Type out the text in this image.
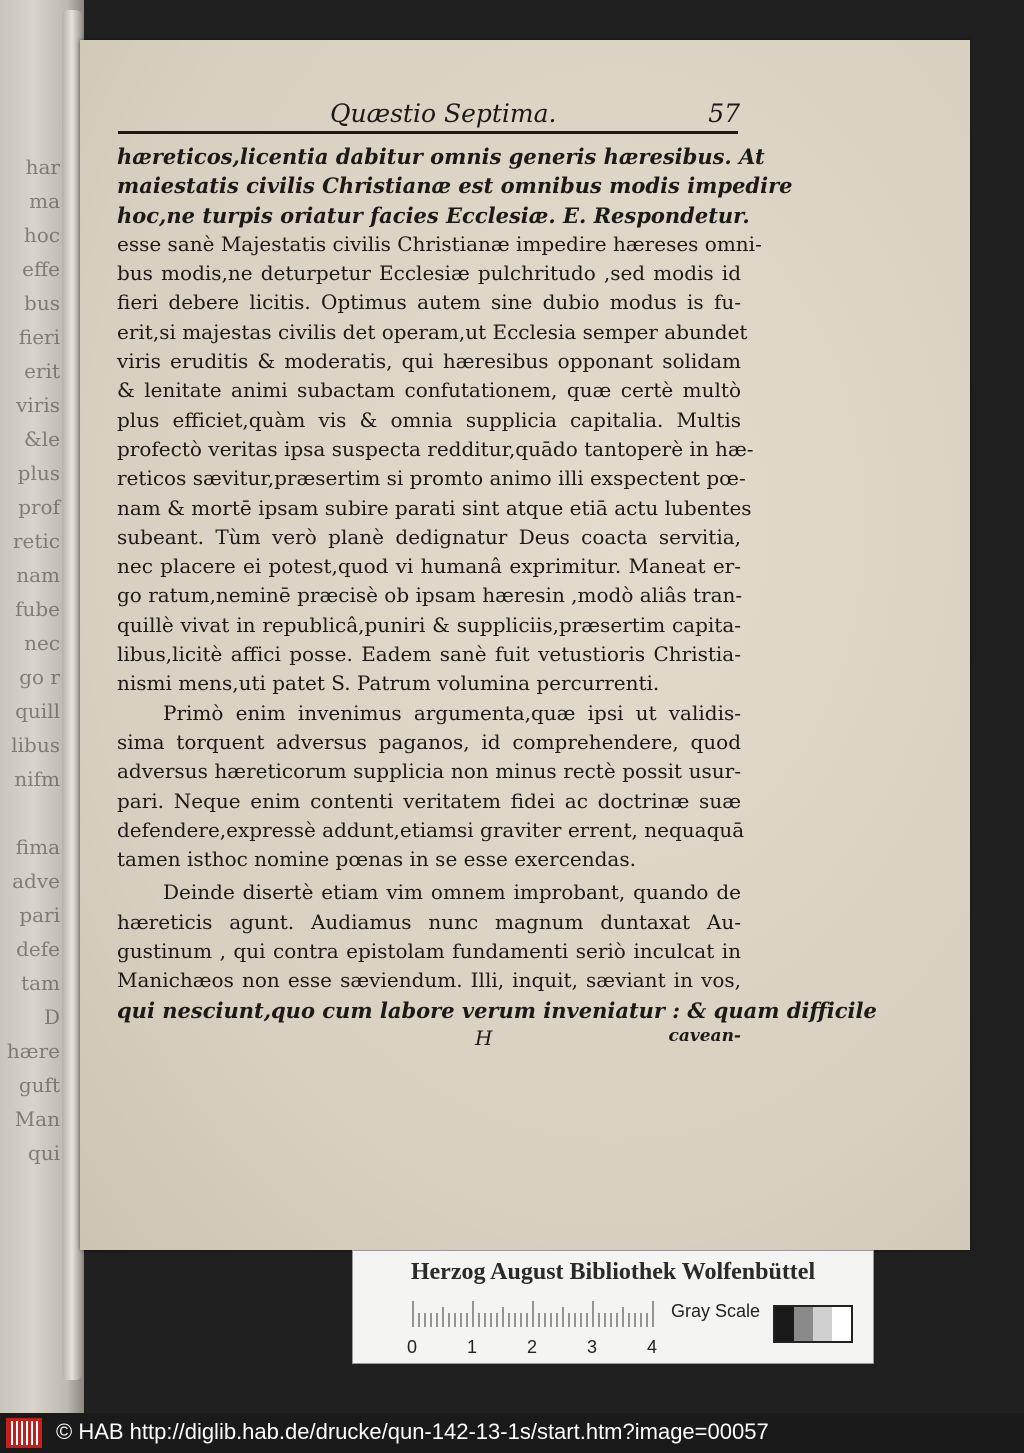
har
ma
hoc
effe
bus
fieri
erit
viris
&le
plus
prof
retic
nam
fube
nec
go r
quill
libus
nifm
fima
adve
pari
defe
tam
D
hære
guft
Man
qui
Quæstio Septima.	57
hæreticos,licentia dabitur omnis generis hæresibus. At
maiestatis civilis Christianæ est omnibus modis impedire
hoc,ne turpis oriatur facies Ecclesiæ. E. Respondetur.
esse sanè Majestatis civilis Christianæ impedire hæreses omni-
bus modis,ne deturpetur Ecclesiæ pulchritudo ,sed modis id
fieri debere licitis. Optimus autem sine dubio modus is fu-
erit,si majestas civilis det operam,ut Ecclesia semper abundet
viris eruditis & moderatis, qui hæresibus opponant solidam
& lenitate animi subactam confutationem, quæ certè multò
plus efficiet,quàm vis & omnia supplicia capitalia. Multis
profectò veritas ipsa suspecta redditur,quādo tantoperè in hæ-
reticos sævitur,præsertim si promto animo illi exspectent pœ-
nam & mortē ipsam subire parati sint atque etiā actu lubentes
subeant. Tùm verò planè dedignatur Deus coacta servitia,
nec placere ei potest,quod vi humanâ exprimitur. Maneat er-
go ratum,neminē præcisè ob ipsam hæresin ,modò aliâs tran-
quillè vivat in republicâ,puniri & suppliciis,præsertim capita-
libus,licitè affici posse. Eadem sanè fuit vetustioris Christia-
nismi mens,uti patet S. Patrum volumina percurrenti.
Primò enim invenimus argumenta,quæ ipsi ut validis-
sima torquent adversus paganos, id comprehendere, quod
adversus hæreticorum supplicia non minus rectè possit usur-
pari. Neque enim contenti veritatem fidei ac doctrinæ suæ
defendere,expressè addunt,etiamsi graviter errent, nequaquā
tamen isthoc nomine pœnas in se esse exercendas.
Deinde disertè etiam vim omnem improbant, quando de
hæreticis agunt. Audiamus nunc magnum duntaxat Au-
gustinum , qui contra epistolam fundamenti seriò inculcat in
Manichæos non esse sæviendum. Illi, inquit, sæviant in vos,
qui nesciunt,quo cum labore verum inveniatur : & quam difficile
H	cavean-
Herzog August Bibliothek Wolfenbüttel
0	1	2	3	4
Gray Scale
© HAB http://diglib.hab.de/drucke/qun-142-13-1s/start.htm?image=00057
